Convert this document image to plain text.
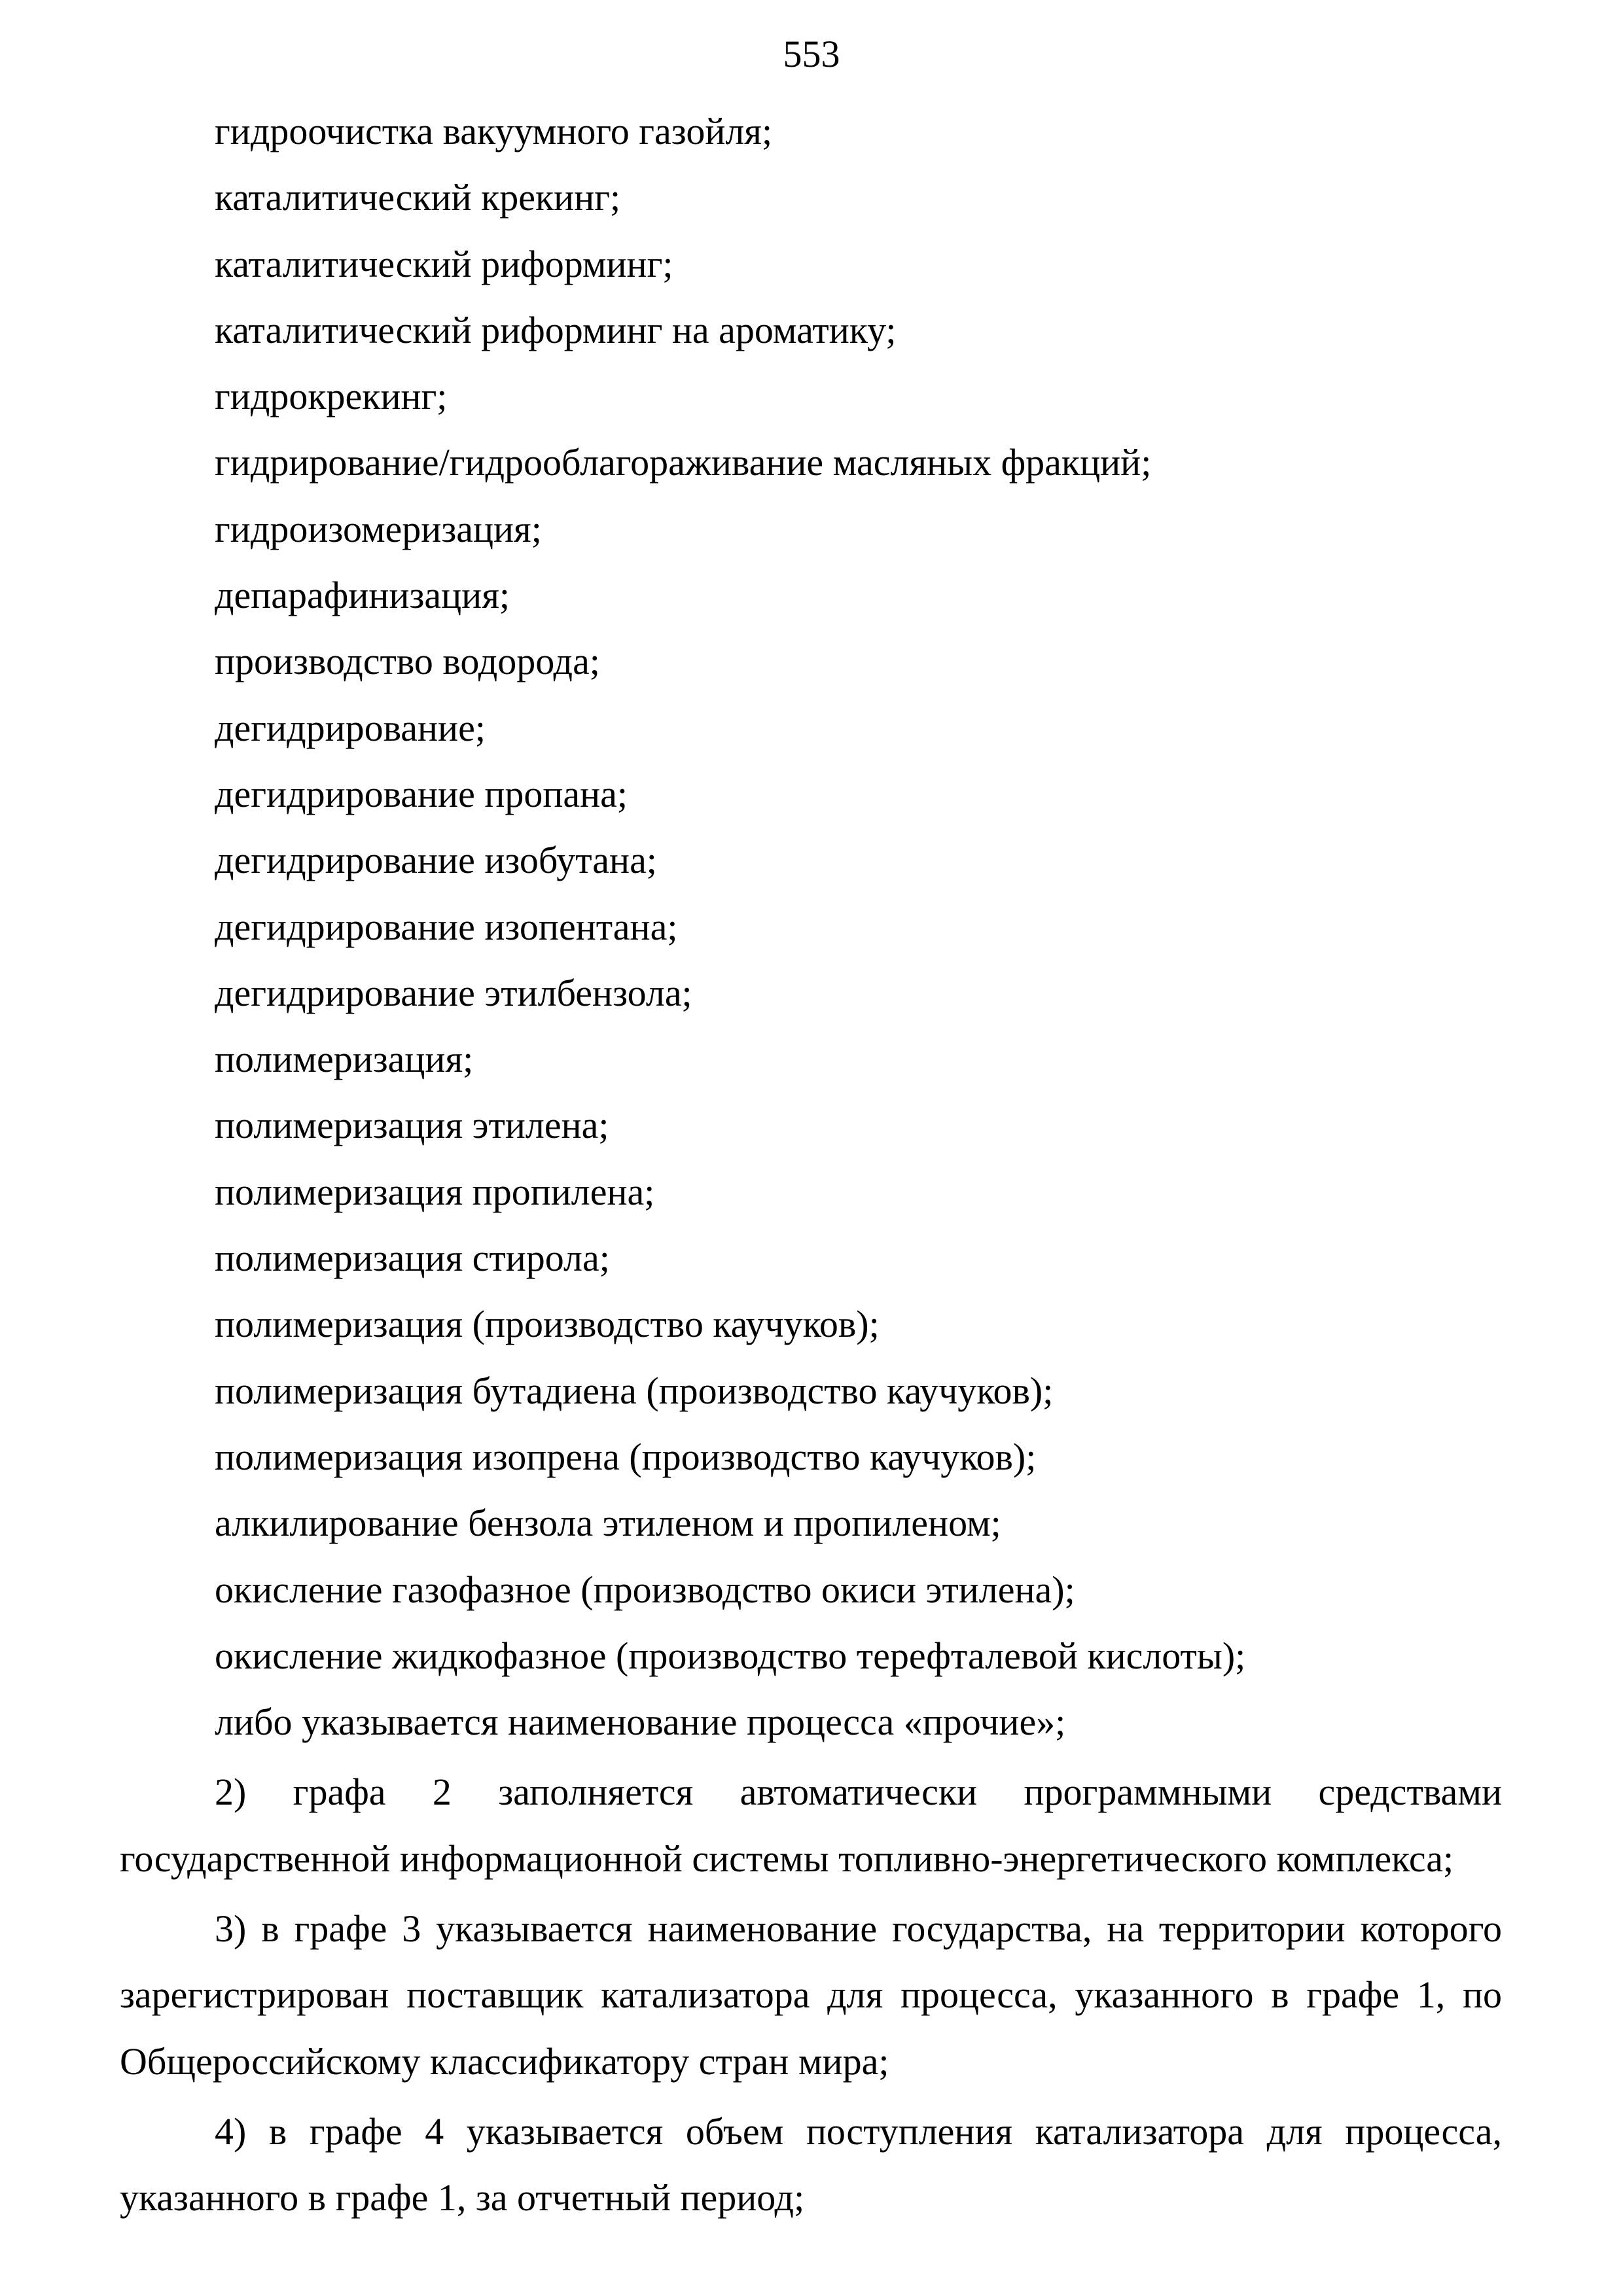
553
гидроочистка вакуумного газойля;
каталитический крекинг;
каталитический риформинг;
каталитический риформинг на ароматику;
гидрокрекинг;
гидрирование/гидрооблагораживание масляных фракций;
гидроизомеризация;
депарафинизация;
производство водорода;
дегидрирование;
дегидрирование пропана;
дегидрирование изобутана;
дегидрирование изопентана;
дегидрирование этилбензола;
полимеризация;
полимеризация этилена;
полимеризация пропилена;
полимеризация стирола;
полимеризация (производство каучуков);
полимеризация бутадиена (производство каучуков);
полимеризация изопрена (производство каучуков);
алкилирование бензола этиленом и пропиленом;
окисление газофазное (производство окиси этилена);
окисление жидкофазное (производство терефталевой кислоты);
либо указывается наименование процесса «прочие»;

2) графа 2 заполняется автоматически программными средствами государственной информационной системы топливно-энергетического комплекса;

3) в графе 3 указывается наименование государства, на территории которого зарегистрирован поставщик катализатора для процесса, указанного в графе 1, по Общероссийскому классификатору стран мира;

4) в графе 4 указывается объем поступления катализатора для процесса, указанного в графе 1, за отчетный период;
